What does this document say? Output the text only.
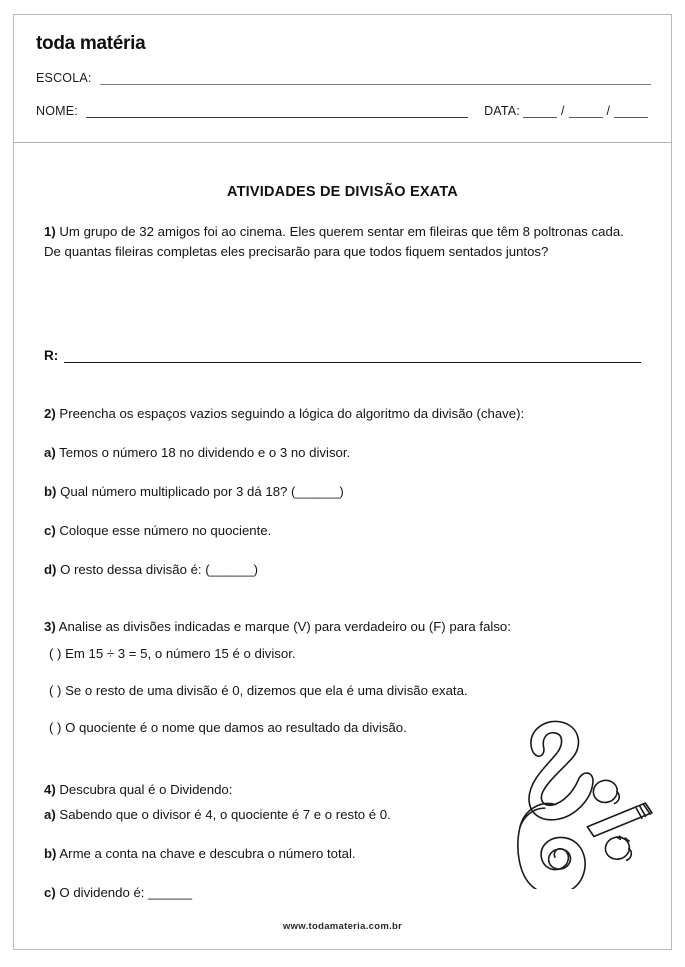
toda matéria
ESCOLA:
NOME:	DATA:	/	/
ATIVIDADES DE DIVISÃO EXATA
1) Um grupo de 32 amigos foi ao cinema. Eles querem sentar em fileiras que têm 8 poltronas cada. De quantas fileiras completas eles precisarão para que todos fiquem sentados juntos?
R:
2) Preencha os espaços vazios seguindo a lógica do algoritmo da divisão (chave):
a) Temos o número 18 no dividendo e o 3 no divisor.
b) Qual número multiplicado por 3 dá 18? (______)
c) Coloque esse número no quociente.
d) O resto dessa divisão é: (______)
3) Analise as divisões indicadas e marque (V) para verdadeiro ou (F) para falso:
( ) Em 15 ÷ 3 = 5, o número 15 é o divisor.
( ) Se o resto de uma divisão é 0, dizemos que ela é uma divisão exata.
( ) O quociente é o nome que damos ao resultado da divisão.
4) Descubra qual é o Dividendo:
a) Sabendo que o divisor é 4, o quociente é 7 e o resto é 0.
b) Arme a conta na chave e descubra o número total.
c) O dividendo é: ______
www.todamateria.com.br
